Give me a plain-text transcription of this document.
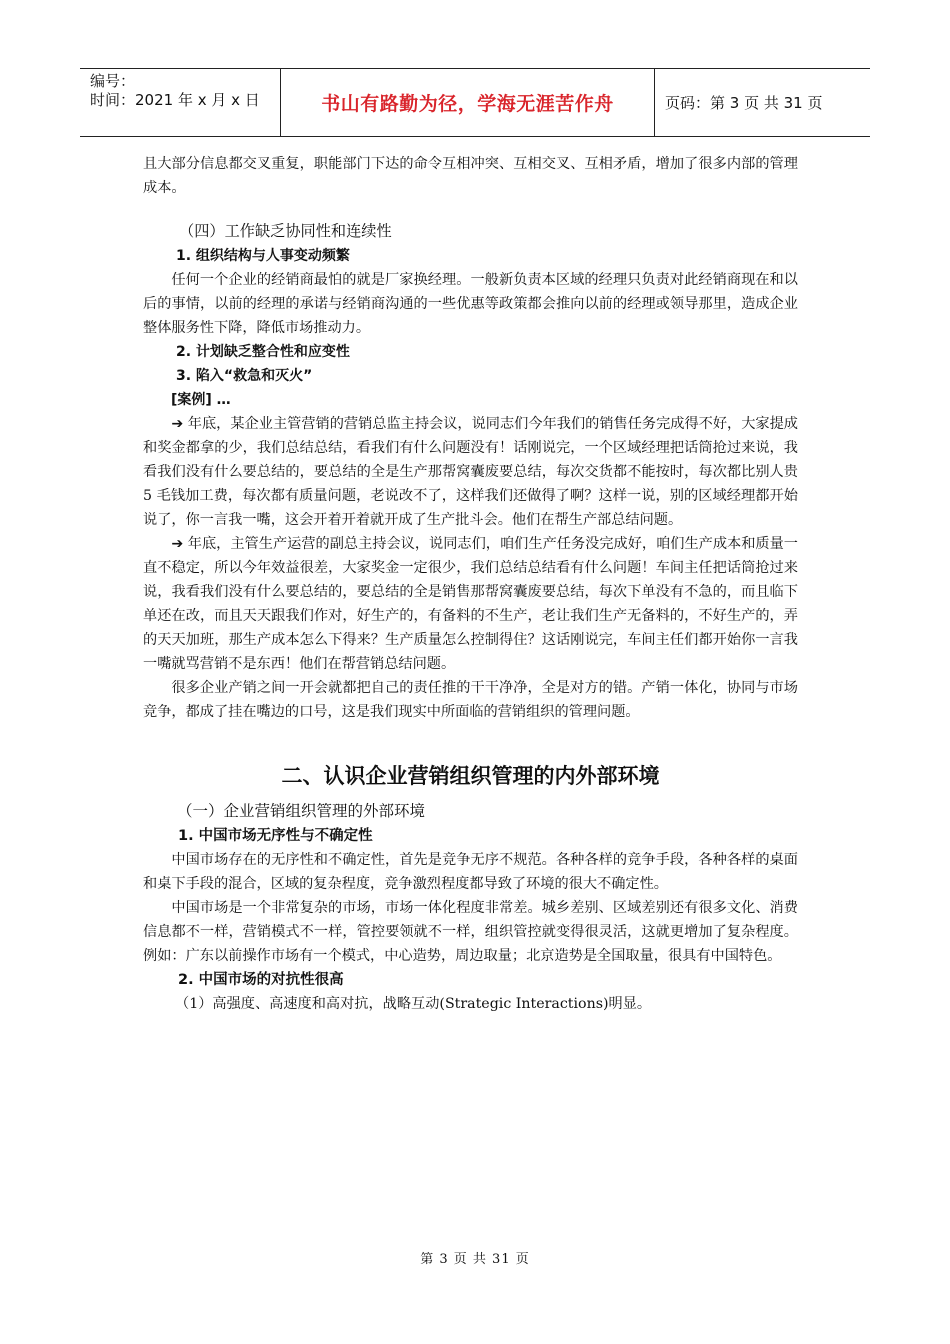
编号：
时间：2021 年 x 月 x 日	书山有路勤为径，学海无涯苦作舟	页码：第 3 页 共 31 页

且大部分信息都交叉重复，职能部门下达的命令互相冲突、互相交叉、互相矛盾，增加了很多内部的管理成本。

（四）工作缺乏协同性和连续性

1. 组织结构与人事变动频繁

任何一个企业的经销商最怕的就是厂家换经理。一般新负责本区域的经理只负责对此经销商现在和以后的事情，以前的经理的承诺与经销商沟通的一些优惠等政策都会推向以前的经理或领导那里，造成企业整体服务性下降，降低市场推动力。

2. 计划缺乏整合性和应变性

3. 陷入“救急和灭火”

[案例] …

➔ 年底，某企业主管营销的营销总监主持会议，说同志们今年我们的销售任务完成得不好，大家提成和奖金都拿的少，我们总结总结，看我们有什么问题没有！话刚说完，一个区域经理把话筒抢过来说，我看我们没有什么要总结的，要总结的全是生产那帮窝囊废要总结，每次交货都不能按时，每次都比别人贵 5 毛钱加工费，每次都有质量问题，老说改不了，这样我们还做得了啊？这样一说，别的区域经理都开始说了，你一言我一嘴，这会开着开着就开成了生产批斗会。他们在帮生产部总结问题。

➔ 年底，主管生产运营的副总主持会议，说同志们，咱们生产任务没完成好，咱们生产成本和质量一直不稳定，所以今年效益很差，大家奖金一定很少，我们总结总结看有什么问题！车间主任把话筒抢过来说，我看我们没有什么要总结的，要总结的全是销售那帮窝囊废要总结，每次下单没有不急的，而且临下单还在改，而且天天跟我们作对，好生产的，有备料的不生产，老让我们生产无备料的，不好生产的，弄的天天加班，那生产成本怎么下得来？生产质量怎么控制得住？这话刚说完，车间主任们都开始你一言我一嘴就骂营销不是东西！他们在帮营销总结问题。

很多企业产销之间一开会就都把自己的责任推的干干净净，全是对方的错。产销一体化，协同与市场竞争，都成了挂在嘴边的口号，这是我们现实中所面临的营销组织的管理问题。

二、认识企业营销组织管理的内外部环境

（一）企业营销组织管理的外部环境

1. 中国市场无序性与不确定性

中国市场存在的无序性和不确定性，首先是竞争无序不规范。各种各样的竞争手段，各种各样的桌面和桌下手段的混合，区域的复杂程度，竞争激烈程度都导致了环境的很大不确定性。

中国市场是一个非常复杂的市场，市场一体化程度非常差。城乡差别、区域差别还有很多文化、消费信息都不一样，营销模式不一样，管控要领就不一样，组织管控就变得很灵活，这就更增加了复杂程度。例如：广东以前操作市场有一个模式，中心造势，周边取量；北京造势是全国取量，很具有中国特色。

2. 中国市场的对抗性很高

（1）高强度、高速度和高对抗，战略互动(Strategic Interactions)明显。

第 3 页 共 31 页
